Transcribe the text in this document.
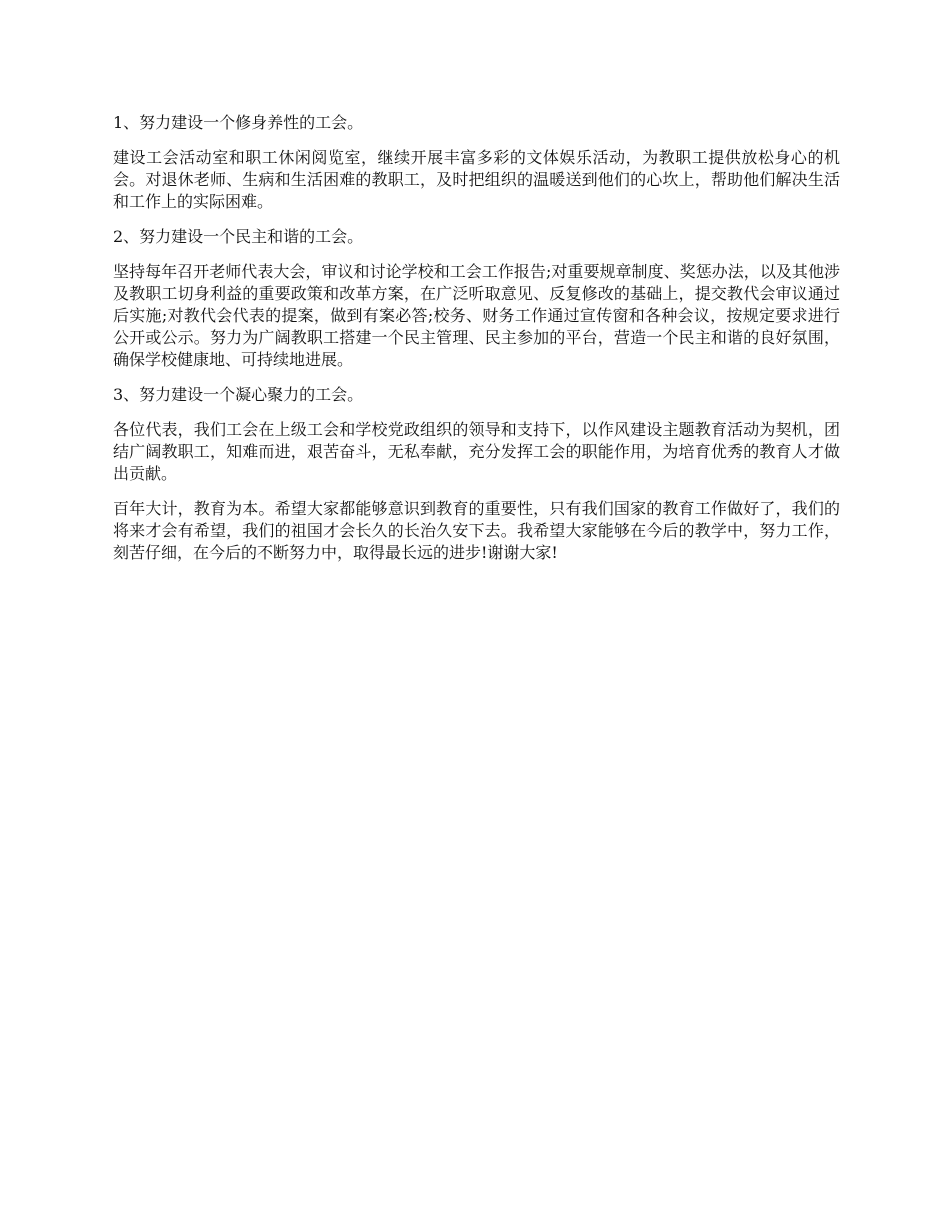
1、努力建设一个修身养性的工会。

建设工会活动室和职工休闲阅览室，继续开展丰富多彩的文体娱乐活动，为教职工提供放松身心的机会。对退休老师、生病和生活困难的教职工，及时把组织的温暖送到他们的心坎上，帮助他们解决生活和工作上的实际困难。

2、努力建设一个民主和谐的工会。

坚持每年召开老师代表大会，审议和讨论学校和工会工作报告;对重要规章制度、奖惩办法，以及其他涉及教职工切身利益的重要政策和改革方案，在广泛听取意见、反复修改的基础上，提交教代会审议通过后实施;对教代会代表的提案，做到有案必答;校务、财务工作通过宣传窗和各种会议，按规定要求进行公开或公示。努力为广阔教职工搭建一个民主管理、民主参加的平台，营造一个民主和谐的良好氛围，确保学校健康地、可持续地进展。

3、努力建设一个凝心聚力的工会。

各位代表，我们工会在上级工会和学校党政组织的领导和支持下，以作风建设主题教育活动为契机，团结广阔教职工，知难而进，艰苦奋斗，无私奉献，充分发挥工会的职能作用，为培育优秀的教育人才做出贡献。

百年大计，教育为本。希望大家都能够意识到教育的重要性，只有我们国家的教育工作做好了，我们的将来才会有希望，我们的祖国才会长久的长治久安下去。我希望大家能够在今后的教学中，努力工作，刻苦仔细，在今后的不断努力中，取得最长远的进步!谢谢大家!
